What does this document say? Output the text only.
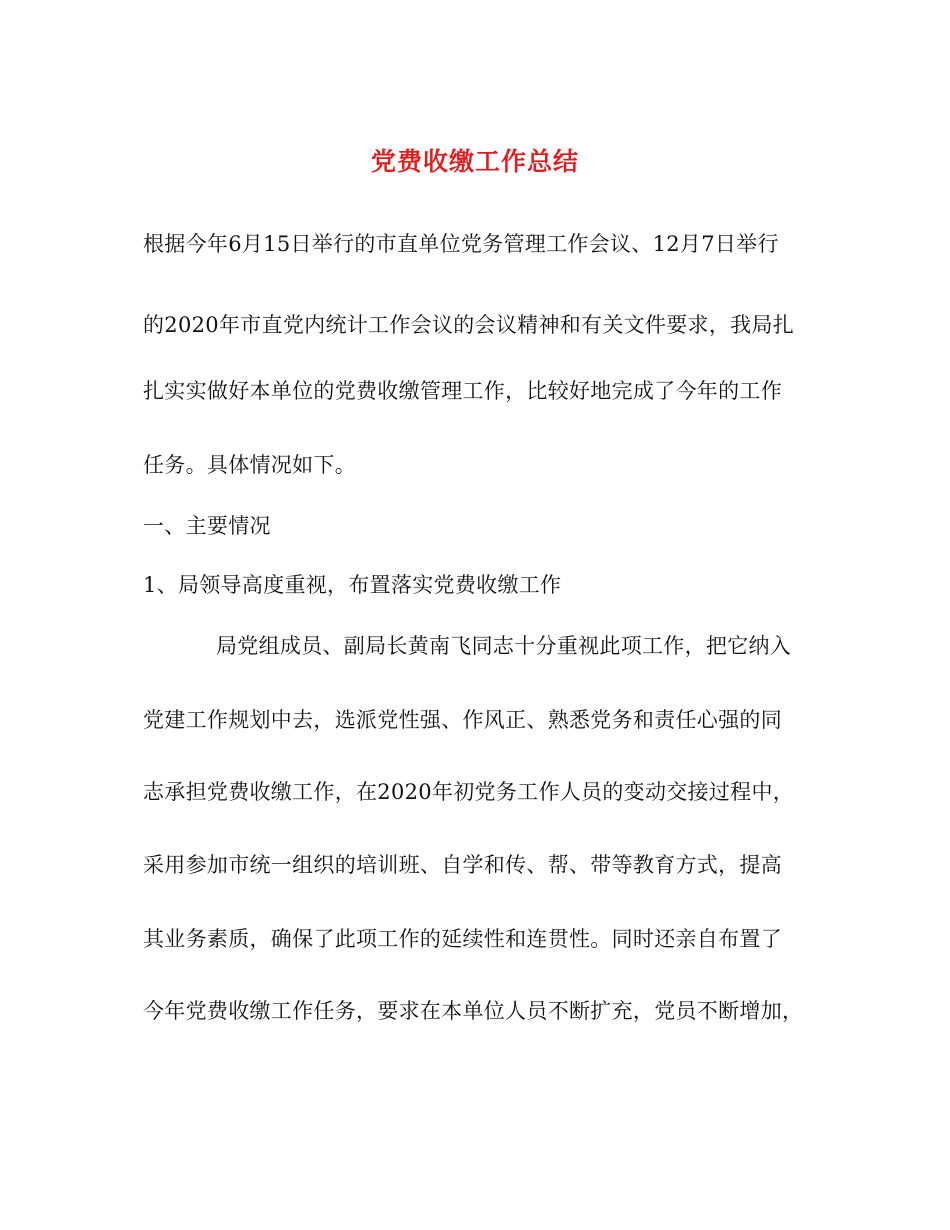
党费收缴工作总结
根据今年6月15日举行的市直单位党务管理工作会议、12月7日举行
的2020年市直党内统计工作会议的会议精神和有关文件要求，我局扎
扎实实做好本单位的党费收缴管理工作，比较好地完成了今年的工作
任务。具体情况如下。
一、主要情况
1、局领导高度重视，布置落实党费收缴工作
局党组成员、副局长黄南飞同志十分重视此项工作，把它纳入
党建工作规划中去，选派党性强、作风正、熟悉党务和责任心强的同
志承担党费收缴工作，在2020年初党务工作人员的变动交接过程中，
采用参加市统一组织的培训班、自学和传、帮、带等教育方式，提高
其业务素质，确保了此项工作的延续性和连贯性。同时还亲自布置了
今年党费收缴工作任务，要求在本单位人员不断扩充，党员不断增加，
